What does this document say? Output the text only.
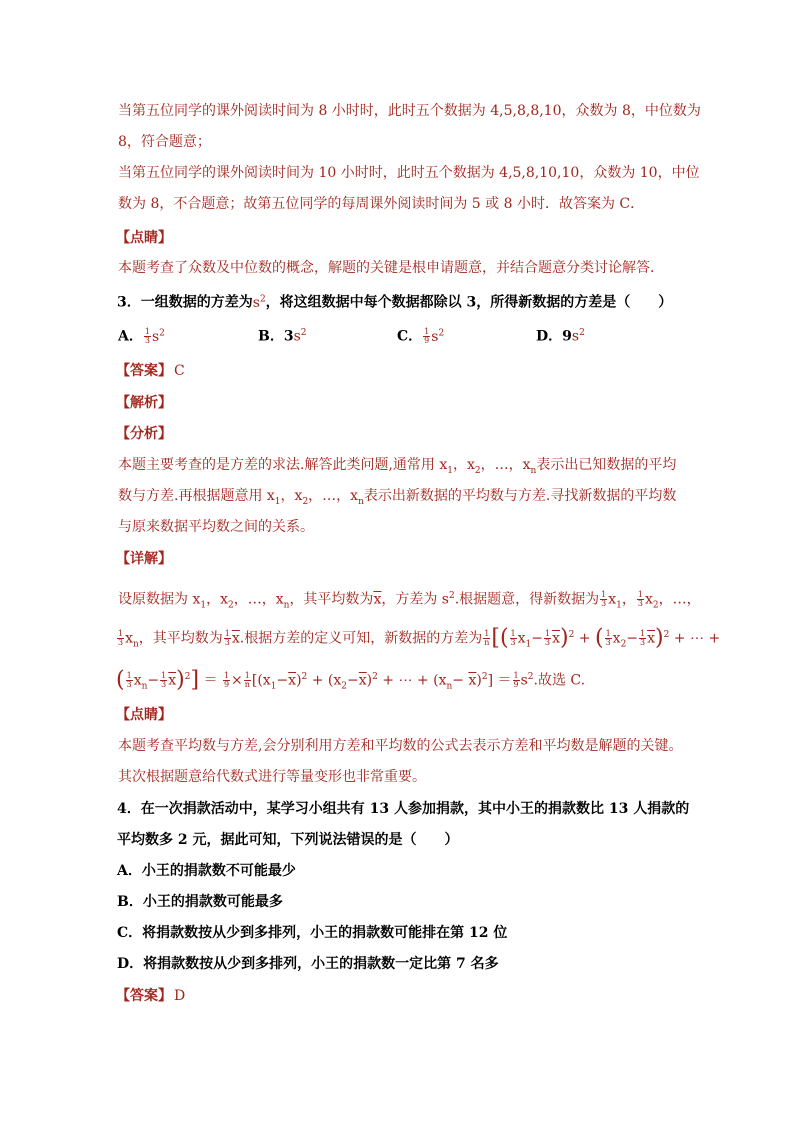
当第五位同学的课外阅读时间为 8 小时时，此时五个数据为 4,5,8,8,10，众数为 8，中位数为
8，符合题意；
当第五位同学的课外阅读时间为 10 小时时，此时五个数据为 4,5,8,10,10，众数为 10，中位
数为 8，不合题意；故第五位同学的每周课外阅读时间为 5 或 8 小时．故答案为 C．
【点睛】
本题考查了众数及中位数的概念，解题的关键是根申请题意，并结合题意分类讨论解答．
3．一组数据的方差为$s^2$，将这组数据中每个数据都除以 3，所得新数据的方差是（　　）
A． $\frac{1}{3} s^2$	B．$3s^2$	C． $\frac{1}{9} s^2$	D．$9s^2$
【答案】 C
【解析】
【分析】
本题主要考查的是方差的求法.解答此类问题,通常用 $x_1$，$x_2$，…，$x_n$表示出已知数据的平均
数与方差.再根据题意用 $x_1$，$x_2$，…，$x_n$表示出新数据的平均数与方差.寻找新数据的平均数
与原来数据平均数之间的关系。
【详解】
设原数据为 $x_1$，$x_2$，…，$x_n$，其平均数为$\overline{x}$，方差为 $s^2$.根据题意，得新数据为 $\frac{1}{3} x_1$， $\frac{1}{3} x_2$，…，
$\frac{1}{3} x_n$，其平均数为 $\frac{1}{3} \overline{x}$.根据方差的定义可知，新数据的方差为 $\frac{1}{n}$ [( $\frac{1}{3} x_1- \frac{1}{3} \overline{x})^2$ + ( $\frac{1}{3} x_2- \frac{1}{3} \overline{x})^2$ + ⋯ +
( $\frac{1}{3} x_n- \frac{1}{3} \overline{x})^2] = \frac{1}{9} \times \frac{1}{n} [(x_1-\overline{x})^2 + (x_2-\overline{x})^2$ + ⋯ + $(x_n- \overline{x})^2] = \frac{1}{9} s^2$.故选 C.
【点睛】
本题考查平均数与方差,会分别利用方差和平均数的公式去表示方差和平均数是解题的关键。
其次根据题意给代数式进行等量变形也非常重要。
4．在一次捐款活动中，某学习小组共有 13 人参加捐款，其中小王的捐款数比 13 人捐款的
平均数多 2 元，据此可知，下列说法错误的是（　　）
A．小王的捐款数不可能最少
B．小王的捐款数可能最多
C．将捐款数按从少到多排列，小王的捐款数可能排在第 12 位
D．将捐款数按从少到多排列，小王的捐款数一定比第 7 名多
【答案】 D
